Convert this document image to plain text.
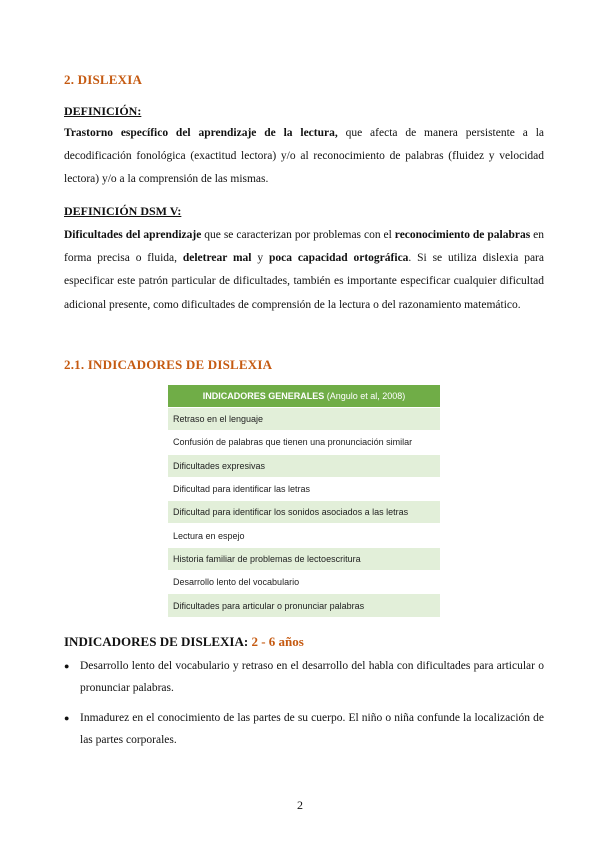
2. DISLEXIA
DEFINICIÓN:
Trastorno específico del aprendizaje de la lectura, que afecta de manera persistente a la decodificación fonológica (exactitud lectora) y/o al reconocimiento de palabras (fluidez y velocidad lectora) y/o a la comprensión de las mismas.
DEFINICIÓN DSM V:
Dificultades del aprendizaje que se caracterizan por problemas con el reconocimiento de palabras en forma precisa o fluida, deletrear mal y poca capacidad ortográfica. Si se utiliza dislexia para especificar este patrón particular de dificultades, también es importante especificar cualquier dificultad adicional presente, como dificultades de comprensión de la lectura o del razonamiento matemático.
2.1. INDICADORES DE DISLEXIA
INDICADORES GENERALES (Angulo et al, 2008)
Retraso en el lenguaje
Confusión de palabras que tienen una pronunciación similar
Dificultades expresivas
Dificultad para identificar las letras
Dificultad para identificar los sonidos asociados a las letras
Lectura en espejo
Historia familiar de problemas de lectoescritura
Desarrollo lento del vocabulario
Dificultades para articular o pronunciar palabras
INDICADORES DE DISLEXIA: 2 - 6 años
● Desarrollo lento del vocabulario y retraso en el desarrollo del habla con dificultades para articular o pronunciar palabras.
● Inmadurez en el conocimiento de las partes de su cuerpo. El niño o niña confunde la localización de las partes corporales.
2
